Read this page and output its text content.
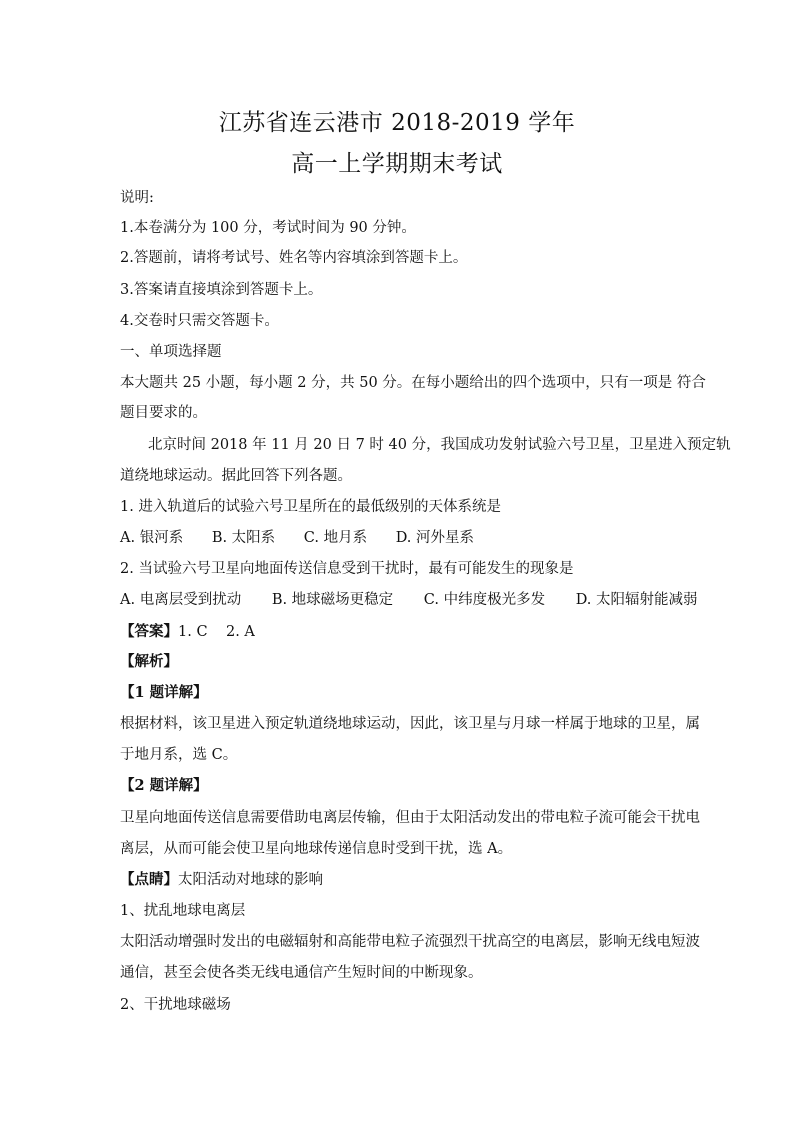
江苏省连云港市 2018-2019 学年
高一上学期期末考试
说明:
1.本卷满分为 100 分，考试时间为 90 分钟。
2.答题前，请将考试号、姓名等内容填涂到答题卡上。
3.答案请直接填涂到答题卡上。
4.交卷时只需交答题卡。
一、单项选择题
本大题共 25 小题，每小题 2 分，共 50 分。在每小题给出的四个选项中，只有一项是 符合
题目要求的。
北京时间 2018 年 11 月 20 日 7 时 40 分，我国成功发射试验六号卫星，卫星进入预定轨
道绕地球运动。据此回答下列各题。
1. 进入轨道后的试验六号卫星所在的最低级别的天体系统是
A. 银河系 B. 太阳系 C. 地月系 D. 河外星系
2. 当试验六号卫星向地面传送信息受到干扰时，最有可能发生的现象是
A. 电离层受到扰动 B. 地球磁场更稳定 C. 中纬度极光多发 D. 太阳辐射能减弱
【答案】1. C    2. A
【解析】
【1 题详解】
根据材料，该卫星进入预定轨道绕地球运动，因此，该卫星与月球一样属于地球的卫星，属
于地月系，选 C。
【2 题详解】
卫星向地面传送信息需要借助电离层传输，但由于太阳活动发出的带电粒子流可能会干扰电
离层，从而可能会使卫星向地球传递信息时受到干扰，选 A。
【点睛】太阳活动对地球的影响
1、扰乱地球电离层
太阳活动增强时发出的电磁辐射和高能带电粒子流强烈干扰高空的电离层，影响无线电短波
通信，甚至会使各类无线电通信产生短时间的中断现象。
2、干扰地球磁场
